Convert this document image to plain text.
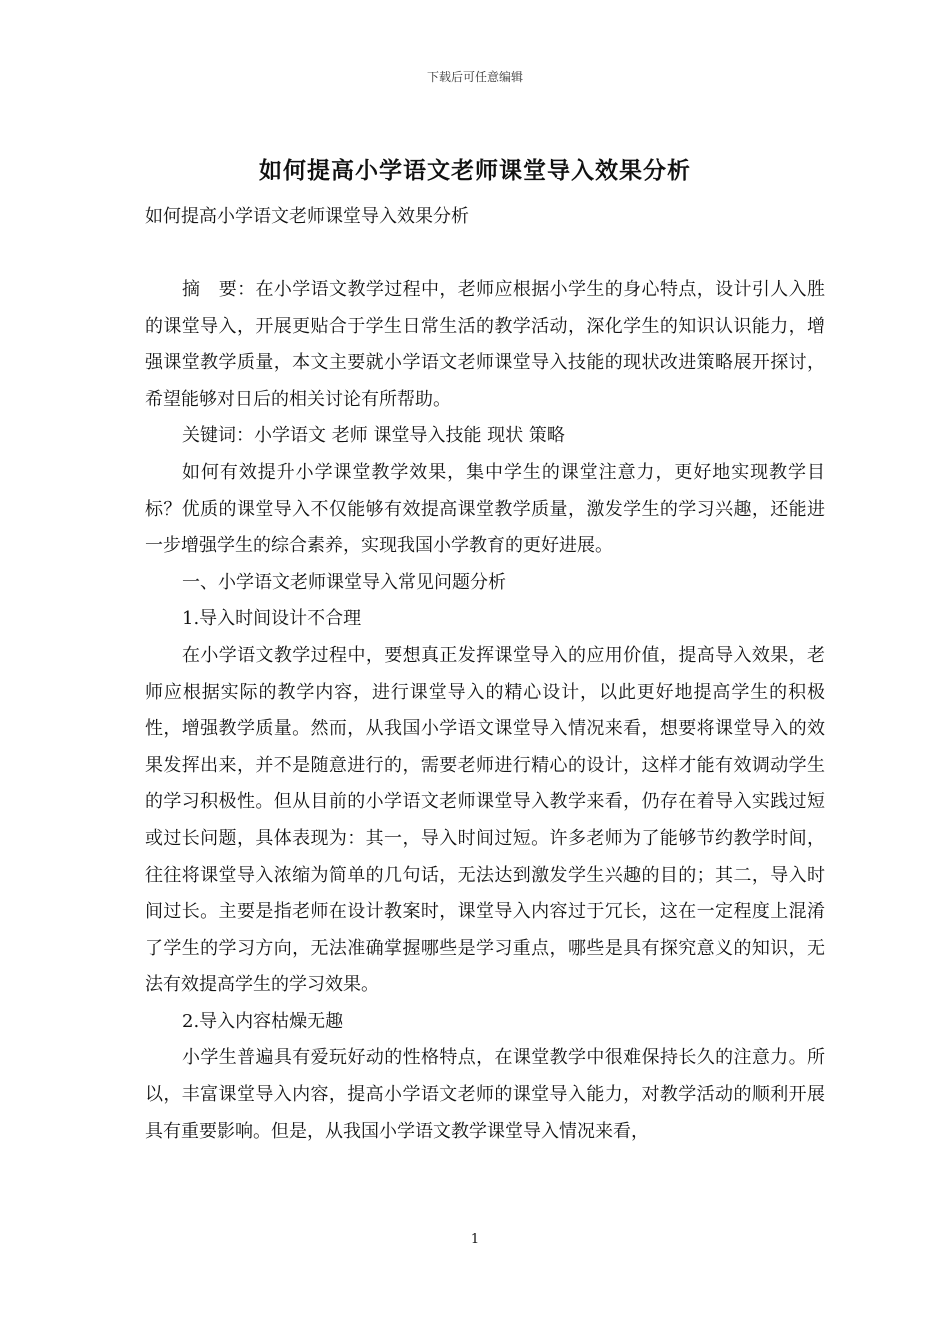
下载后可任意编辑
如何提高小学语文老师课堂导入效果分析
如何提高小学语文老师课堂导入效果分析

摘　要：在小学语文教学过程中，老师应根据小学生的身心特点，设计引人入胜的课堂导入，开展更贴合于学生日常生活的教学活动，深化学生的知识认识能力，增强课堂教学质量，本文主要就小学语文老师课堂导入技能的现状改进策略展开探讨，希望能够对日后的相关讨论有所帮助。

关键词：小学语文 老师 课堂导入技能 现状 策略

如何有效提升小学课堂教学效果，集中学生的课堂注意力，更好地实现教学目标？优质的课堂导入不仅能够有效提高课堂教学质量，激发学生的学习兴趣，还能进一步增强学生的综合素养，实现我国小学教育的更好进展。

一、小学语文老师课堂导入常见问题分析

1.导入时间设计不合理

在小学语文教学过程中，要想真正发挥课堂导入的应用价值，提高导入效果，老师应根据实际的教学内容，进行课堂导入的精心设计，以此更好地提高学生的积极性，增强教学质量。然而，从我国小学语文课堂导入情况来看，想要将课堂导入的效果发挥出来，并不是随意进行的，需要老师进行精心的设计，这样才能有效调动学生的学习积极性。但从目前的小学语文老师课堂导入教学来看，仍存在着导入实践过短或过长问题，具体表现为：其一，导入时间过短。许多老师为了能够节约教学时间，往往将课堂导入浓缩为简单的几句话，无法达到激发学生兴趣的目的；其二，导入时间过长。主要是指老师在设计教案时，课堂导入内容过于冗长，这在一定程度上混淆了学生的学习方向，无法准确掌握哪些是学习重点，哪些是具有探究意义的知识，无法有效提高学生的学习效果。

2.导入内容枯燥无趣

小学生普遍具有爱玩好动的性格特点，在课堂教学中很难保持长久的注意力。所以，丰富课堂导入内容，提高小学语文老师的课堂导入能力，对教学活动的顺利开展具有重要影响。但是，从我国小学语文教学课堂导入情况来看，

1
